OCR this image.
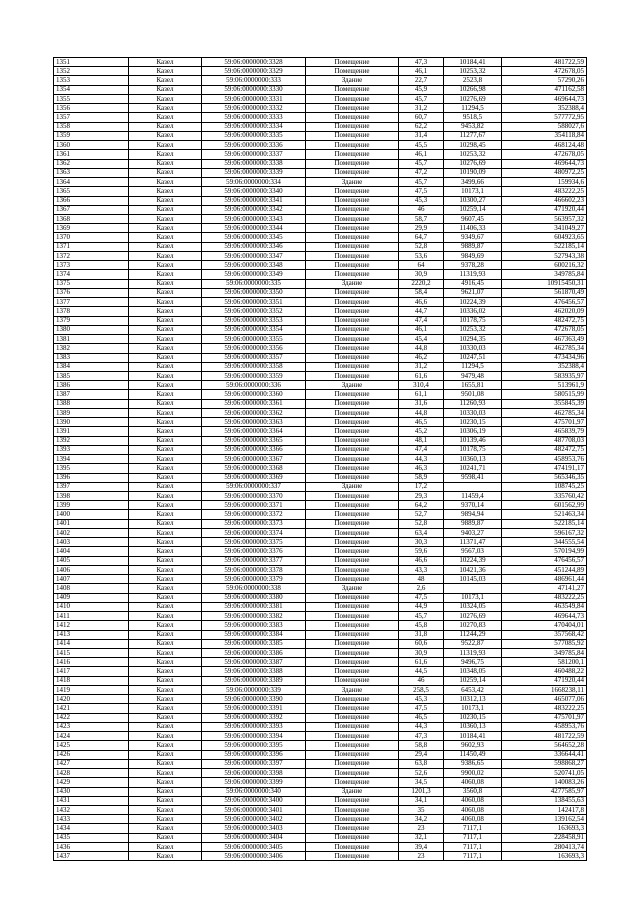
1351	Казел	59:06:0000000:3328	Помещение	47,3	10184,41	481722,59
1352	Казел	59:06:0000000:3329	Помещение	46,1	10253,32	472678,05
1353	Казел	59:06:0000000:333	Здание	22,7	2523,8	57290,26
1354	Казел	59:06:0000000:3330	Помещение	45,9	10266,98	471162,58
1355	Казел	59:06:0000000:3331	Помещение	45,7	10276,69	469644,73
1356	Казел	59:06:0000000:3332	Помещение	31,2	11294,5	352388,4
1357	Казел	59:06:0000000:3333	Помещение	60,7	9518,5	577772,95
1358	Казел	59:06:0000000:3334	Помещение	62,2	9453,82	588027,6
1359	Казел	59:06:0000000:3335	Помещение	31,4	11277,67	354118,84
1360	Казел	59:06:0000000:3336	Помещение	45,5	10298,45	468124,48
1361	Казел	59:06:0000000:3337	Помещение	46,1	10253,32	472678,05
1362	Казел	59:06:0000000:3338	Помещение	45,7	10276,69	469644,73
1363	Казел	59:06:0000000:3339	Помещение	47,2	10190,09	480972,25
1364	Казел	59:06:0000000:334	Здание	45,7	3499,66	159934,6
1365	Казел	59:06:0000000:3340	Помещение	47,5	10173,1	483222,25
1366	Казел	59:06:0000000:3341	Помещение	45,3	10300,27	466602,23
1367	Казел	59:06:0000000:3342	Помещение	46	10259,14	471920,44
1368	Казел	59:06:0000000:3343	Помещение	58,7	9607,45	563957,32
1369	Казел	59:06:0000000:3344	Помещение	29,9	11406,33	341049,27
1370	Казел	59:06:0000000:3345	Помещение	64,7	9349,67	604923,65
1371	Казел	59:06:0000000:3346	Помещение	52,8	9889,87	522185,14
1372	Казел	59:06:0000000:3347	Помещение	53,6	9849,69	527943,38
1373	Казел	59:06:0000000:3348	Помещение	64	9378,28	600216,32
1374	Казел	59:06:0000000:3349	Помещение	30,9	11319,93	349785,84
1375	Казел	59:06:0000000:335	Здание	2220,2	4916,45	10915450,31
1376	Казел	59:06:0000000:3350	Помещение	58,4	9621,07	561870,49
1377	Казел	59:06:0000000:3351	Помещение	46,6	10224,39	476456,57
1378	Казел	59:06:0000000:3352	Помещение	44,7	10336,02	462020,09
1379	Казел	59:06:0000000:3353	Помещение	47,4	10178,75	482472,75
1380	Казел	59:06:0000000:3354	Помещение	46,1	10253,32	472678,05
1381	Казел	59:06:0000000:3355	Помещение	45,4	10294,35	467363,49
1382	Казел	59:06:0000000:3356	Помещение	44,8	10330,03	462785,34
1383	Казел	59:06:0000000:3357	Помещение	46,2	10247,51	473434,96
1384	Казел	59:06:0000000:3358	Помещение	31,2	11294,5	352388,4
1385	Казел	59:06:0000000:3359	Помещение	61,6	9479,48	583935,97
1386	Казел	59:06:0000000:336	Здание	310,4	1655,81	513961,9
1387	Казел	59:06:0000000:3360	Помещение	61,1	9501,08	580515,99
1388	Казел	59:06:0000000:3361	Помещение	31,6	11260,93	355845,39
1389	Казел	59:06:0000000:3362	Помещение	44,8	10330,03	462785,34
1390	Казел	59:06:0000000:3363	Помещение	46,5	10230,15	475701,97
1391	Казел	59:06:0000000:3364	Помещение	45,2	10306,19	465839,79
1392	Казел	59:06:0000000:3365	Помещение	48,1	10139,46	487708,03
1393	Казел	59:06:0000000:3366	Помещение	47,4	10178,75	482472,75
1394	Казел	59:06:0000000:3367	Помещение	44,3	10360,13	458953,76
1395	Казел	59:06:0000000:3368	Помещение	46,3	10241,71	474191,17
1396	Казел	59:06:0000000:3369	Помещение	58,9	9598,41	565346,35
1397	Казел	59:06:0000000:337	Здание	17,2		108745,25
1398	Казел	59:06:0000000:3370	Помещение	29,3	11459,4	335760,42
1399	Казел	59:06:0000000:3371	Помещение	64,2	9370,14	601562,99
1400	Казел	59:06:0000000:3372	Помещение	52,7	9894,94	521463,34
1401	Казел	59:06:0000000:3373	Помещение	52,8	9889,87	522185,14
1402	Казел	59:06:0000000:3374	Помещение	63,4	9403,27	596167,32
1403	Казел	59:06:0000000:3375	Помещение	30,3	11371,47	344555,54
1404	Казел	59:06:0000000:3376	Помещение	59,6	9567,03	570194,99
1405	Казел	59:06:0000000:3377	Помещение	46,6	10224,39	476456,57
1406	Казел	59:06:0000000:3378	Помещение	43,3	10421,36	451244,89
1407	Казел	59:06:0000000:3379	Помещение	48	10145,03	486961,44
1408	Казел	59:06:0000000:338	Здание	2,6		47141,27
1409	Казел	59:06:0000000:3380	Помещение	47,5	10173,1	483222,25
1410	Казел	59:06:0000000:3381	Помещение	44,9	10324,05	463549,84
1411	Казел	59:06:0000000:3382	Помещение	45,7	10276,69	469644,73
1412	Казел	59:06:0000000:3383	Помещение	45,8	10270,83	470404,01
1413	Казел	59:06:0000000:3384	Помещение	31,8	11244,29	357568,42
1414	Казел	59:06:0000000:3385	Помещение	60,6	9522,87	577085,92
1415	Казел	59:06:0000000:3386	Помещение	30,9	11319,93	349785,84
1416	Казел	59:06:0000000:3387	Помещение	61,6	9496,75	581200,1
1417	Казел	59:06:0000000:3388	Помещение	44,5	10348,05	460488,22
1418	Казел	59:06:0000000:3389	Помещение	46	10259,14	471920,44
1419	Казел	59:06:0000000:339	Здание	258,5	6453,42	1668238,11
1420	Казел	59:06:0000000:3390	Помещение	45,3	10312,13	465077,06
1421	Казел	59:06:0000000:3391	Помещение	47,5	10173,1	483222,25
1422	Казел	59:06:0000000:3392	Помещение	46,5	10230,15	475701,97
1423	Казел	59:06:0000000:3393	Помещение	44,3	10360,13	458953,76
1424	Казел	59:06:0000000:3394	Помещение	47,3	10184,41	481722,59
1425	Казел	59:06:0000000:3395	Помещение	58,8	9602,93	564652,28
1426	Казел	59:06:0000000:3396	Помещение	29,4	11450,49	336644,41
1427	Казел	59:06:0000000:3397	Помещение	63,8	9386,65	598868,27
1428	Казел	59:06:0000000:3398	Помещение	52,6	9900,02	520741,05
1429	Казел	59:06:0000000:3399	Помещение	34,5	4060,08	140083,26
1430	Казел	59:06:0000000:340	Здание	1201,3	3560,8	4277585,97
1431	Казел	59:06:0000000:3400	Помещение	34,1	4060,08	138455,63
1432	Казел	59:06:0000000:3401	Помещение	35	4060,08	142417,8
1433	Казел	59:06:0000000:3402	Помещение	34,2	4060,08	139162,54
1434	Казел	59:06:0000000:3403	Помещение	23	7117,1	163693,3
1435	Казел	59:06:0000000:3404	Помещение	32,1	7117,1	228458,91
1436	Казел	59:06:0000000:3405	Помещение	39,4	7117,1	280413,74
1437	Казел	59:06:0000000:3406	Помещение	23	7117,1	163693,3
